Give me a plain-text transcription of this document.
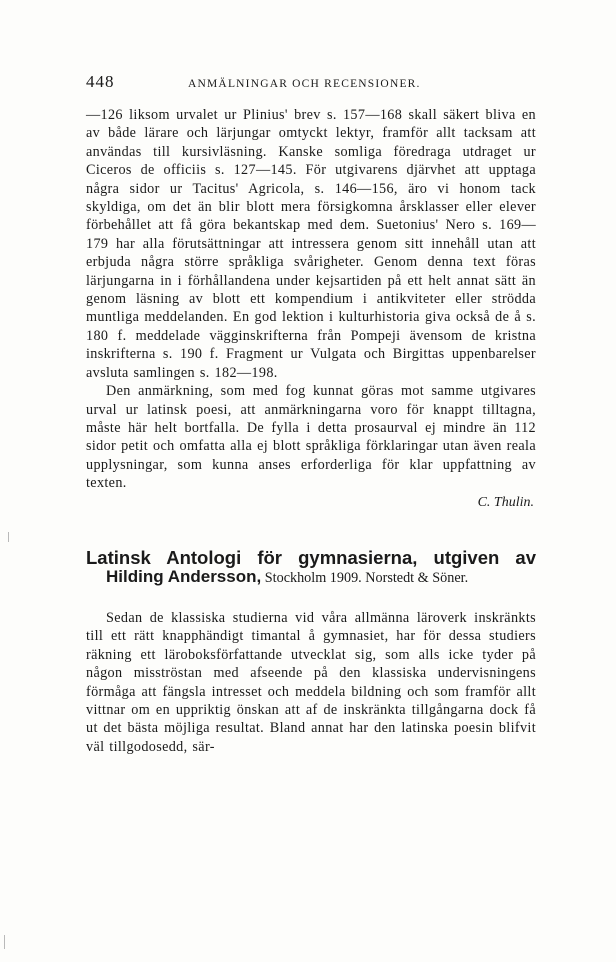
448	ANMÄLNINGAR OCH RECENSIONER.

—126 liksom urvalet ur Plinius' brev s. 157—168 skall säkert bliva en av både lärare och lärjungar omtyckt lektyr, framför allt tacksam att användas till kursivläsning. Kanske somliga föredraga utdraget ur Ciceros de officiis s. 127—145. För utgivarens djärvhet att upptaga några sidor ur Tacitus' Agricola, s. 146—156, äro vi honom tack skyldiga, om det än blir blott mera försigkomna årsklasser eller elever förbehållet att få göra bekantskap med dem. Suetonius' Nero s. 169—179 har alla förutsättningar att intressera genom sitt innehåll utan att erbjuda några större språkliga svårigheter. Genom denna text föras lärjungarna in i förhållandena under kejsartiden på ett helt annat sätt än genom läsning av blott ett kompendium i antikviteter eller strödda muntliga meddelanden. En god lektion i kulturhistoria giva också de å s. 180 f. meddelade vägginskrifterna från Pompeji ävensom de kristna inskrifterna s. 190 f. Fragment ur Vulgata och Birgittas uppenbarelser avsluta samlingen s. 182—198.

Den anmärkning, som med fog kunnat göras mot samme utgivares urval ur latinsk poesi, att anmärkningarna voro för knappt tilltagna, måste här helt bortfalla. De fylla i detta prosaurval ej mindre än 112 sidor petit och omfatta alla ej blott språkliga förklaringar utan även reala upplysningar, som kunna anses erforderliga för klar uppfattning av texten.

C. Thulin.
Latinsk Antologi för gymnasierna, utgiven av
Hilding Andersson, Stockholm 1909. Norstedt & Söner.

Sedan de klassiska studierna vid våra allmänna läroverk inskränkts till ett rätt knapphändigt timantal å gymnasiet, har för dessa studiers räkning ett läroboksförfattande utvecklat sig, som alls icke tyder på någon misströstan med afseende på den klassiska undervisningens förmåga att fängsla intresset och meddela bildning och som framför allt vittnar om en uppriktig önskan att af de inskränkta tillgångarna dock få ut det bästa möjliga resultat. Bland annat har den latinska poesin blifvit väl tillgodosedd, sär-
